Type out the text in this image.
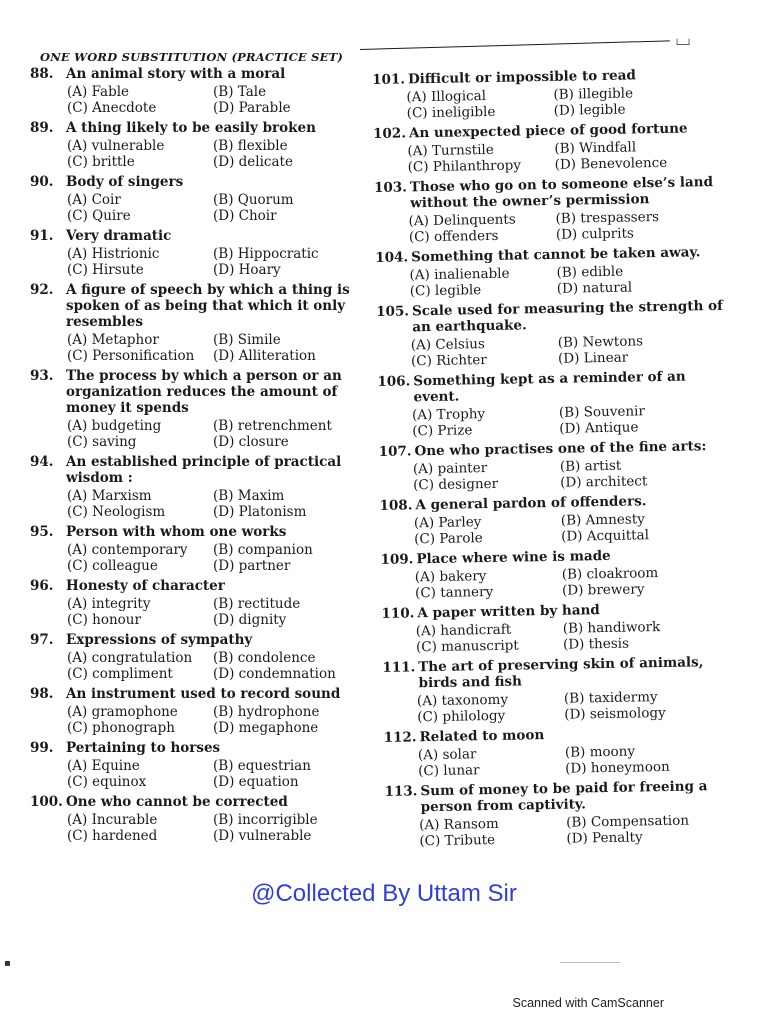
ONE WORD SUBSTITUTION (PRACTICE SET)
└─┘
88. An animal story with a moral
(A) Fable	(B) Tale
(C) Anecdote	(D) Parable
89. A thing likely to be easily broken
(A) vulnerable	(B) flexible
(C) brittle	(D) delicate
90. Body of singers
(A) Coir	(B) Quorum
(C) Quire	(D) Choir
91. Very dramatic
(A) Histrionic	(B) Hippocratic
(C) Hirsute	(D) Hoary
92. A figure of speech by which a thing is spoken of as being that which it only resembles
(A) Metaphor	(B) Simile
(C) Personification	(D) Alliteration
93. The process by which a person or an organization reduces the amount of money it spends
(A) budgeting	(B) retrenchment
(C) saving	(D) closure
94. An established principle of practical wisdom :
(A) Marxism	(B) Maxim
(C) Neologism	(D) Platonism
95. Person with whom one works
(A) contemporary	(B) companion
(C) colleague	(D) partner
96. Honesty of character
(A) integrity	(B) rectitude
(C) honour	(D) dignity
97. Expressions of sympathy
(A) congratulation	(B) condolence
(C) compliment	(D) condemnation
98. An instrument used to record sound
(A) gramophone	(B) hydrophone
(C) phonograph	(D) megaphone
99. Pertaining to horses
(A) Equine	(B) equestrian
(C) equinox	(D) equation
100. One who cannot be corrected
(A) Incurable	(B) incorrigible
(C) hardened	(D) vulnerable
101. Difficult or impossible to read
(A) Illogical	(B) illegible
(C) ineligible	(D) legible
102. An unexpected piece of good fortune
(A) Turnstile	(B) Windfall
(C) Philanthropy	(D) Benevolence
103. Those who go on to someone else’s land without the owner’s permission
(A) Delinquents	(B) trespassers
(C) offenders	(D) culprits
104. Something that cannot be taken away.
(A) inalienable	(B) edible
(C) legible	(D) natural
105. Scale used for measuring the strength of an earthquake.
(A) Celsius	(B) Newtons
(C) Richter	(D) Linear
106. Something kept as a reminder of an event.
(A) Trophy	(B) Souvenir
(C) Prize	(D) Antique
107. One who practises one of the fine arts:
(A) painter	(B) artist
(C) designer	(D) architect
108. A general pardon of offenders.
(A) Parley	(B) Amnesty
(C) Parole	(D) Acquittal
109. Place where wine is made
(A) bakery	(B) cloakroom
(C) tannery	(D) brewery
110. A paper written by hand
(A) handicraft	(B) handiwork
(C) manuscript	(D) thesis
111. The art of preserving skin of animals, birds and fish
(A) taxonomy	(B) taxidermy
(C) philology	(D) seismology
112. Related to moon
(A) solar	(B) moony
(C) lunar	(D) honeymoon
113. Sum of money to be paid for freeing a person from captivity.
(A) Ransom	(B) Compensation
(C) Tribute	(D) Penalty
@Collected By Uttam Sir
▪
Scanned with CamScanner
